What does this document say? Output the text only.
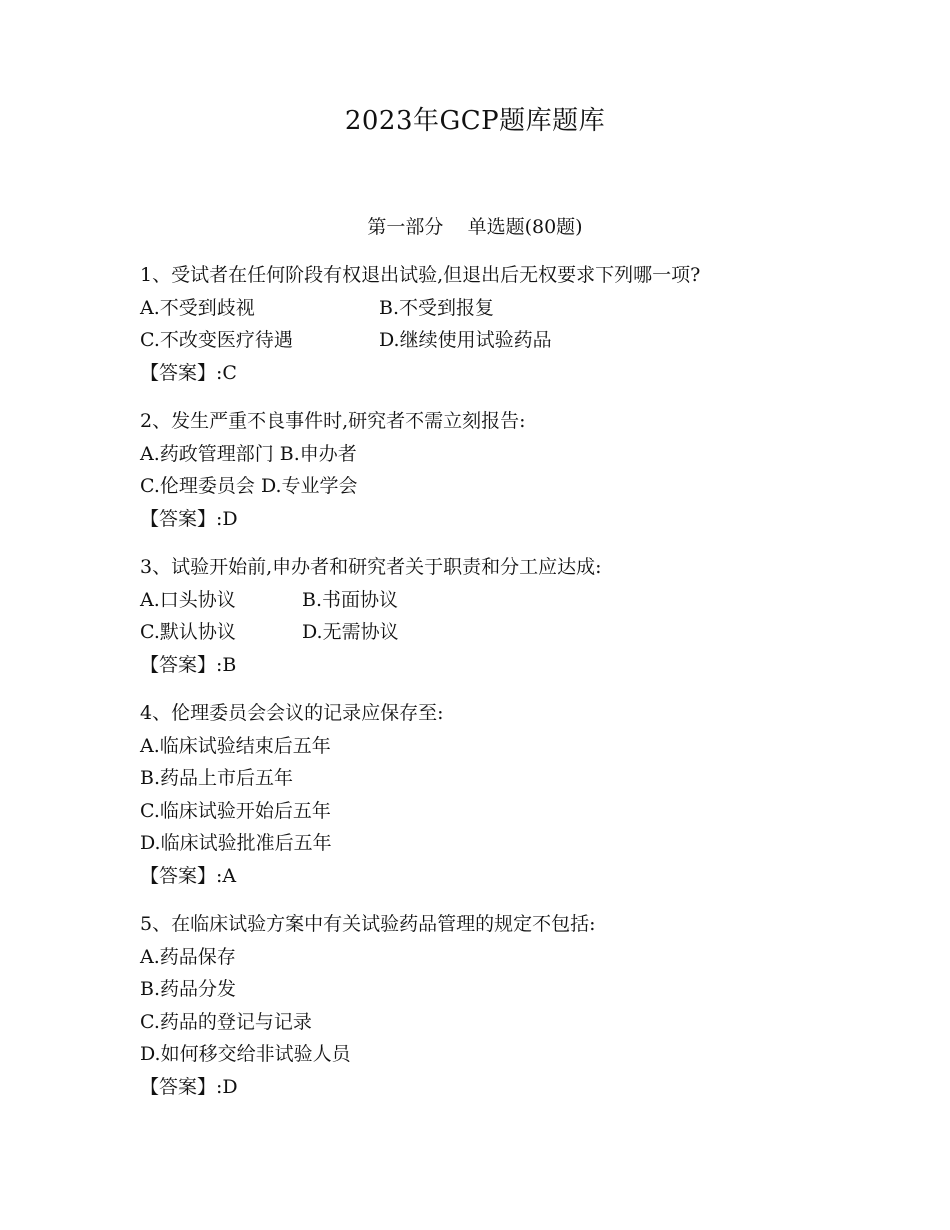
2023年GCP题库题库
第一部分    单选题(80题)
1、受试者在任何阶段有权退出试验,但退出后无权要求下列哪一项?
A.不受到歧视	B.不受到报复
C.不改变医疗待遇	D.继续使用试验药品
【答案】:C
2、发生严重不良事件时,研究者不需立刻报告:
A.药政管理部门 B.申办者
C.伦理委员会 D.专业学会
【答案】:D
3、试验开始前,申办者和研究者关于职责和分工应达成:
A.口头协议	B.书面协议
C.默认协议	D.无需协议
【答案】:B
4、伦理委员会会议的记录应保存至:
A.临床试验结束后五年
B.药品上市后五年
C.临床试验开始后五年
D.临床试验批准后五年
【答案】:A
5、在临床试验方案中有关试验药品管理的规定不包括:
A.药品保存
B.药品分发
C.药品的登记与记录
D.如何移交给非试验人员
【答案】:D
